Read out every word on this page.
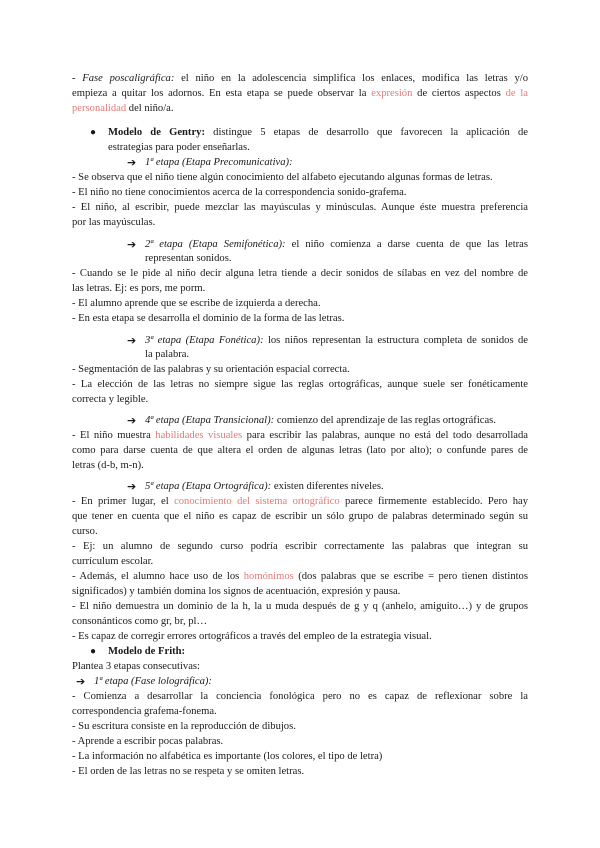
- Fase poscaligráfica: el niño en la adolescencia simplifica los enlaces, modifica las letras y/o
empieza a quitar los adornos. En esta etapa se puede observar la expresión de ciertos aspectos de la
personalidad del niño/a.
● Modelo de Gentry: distingue 5 etapas de desarrollo que favorecen la aplicación de
estrategias para poder enseñarlas.
➔ 1ª etapa (Etapa Precomunicativa):
- Se observa que el niño tiene algún conocimiento del alfabeto ejecutando algunas formas de letras.
- El niño no tiene conocimientos acerca de la correspondencia sonido-grafema.
- El niño, al escribir, puede mezclar las mayúsculas y minúsculas. Aunque éste muestra preferencia
por las mayúsculas.
➔ 2ª etapa (Etapa Semifonética): el niño comienza a darse cuenta de que las letras
representan sonidos.
- Cuando se le pide al niño decir alguna letra tiende a decir sonidos de sílabas en vez del nombre de
las letras. Ej: es pors, me porm.
- El alumno aprende que se escribe de izquierda a derecha.
- En esta etapa se desarrolla el dominio de la forma de las letras.
➔ 3ª etapa (Etapa Fonética): los niños representan la estructura completa de sonidos de
la palabra.
- Segmentación de las palabras y su orientación espacial correcta.
- La elección de las letras no siempre sigue las reglas ortográficas, aunque suele ser fonéticamente
correcta y legible.
➔ 4ª etapa (Etapa Transicional): comienzo del aprendizaje de las reglas ortográficas.
- El niño muestra habilidades visuales para escribir las palabras, aunque no está del todo desarrollada
como para darse cuenta de que altera el orden de algunas letras (lato por alto); o confunde pares de
letras (d-b, m-n).
➔ 5ª etapa (Etapa Ortográfica): existen diferentes niveles.
- En primer lugar, el conocimiento del sistema ortográfico parece firmemente establecido. Pero hay
que tener en cuenta que el niño es capaz de escribir un sólo grupo de palabras determinado según su
curso.
- Ej: un alumno de segundo curso podría escribir correctamente las palabras que integran su
currículum escolar.
- Además, el alumno hace uso de los homónimos (dos palabras que se escribe = pero tienen distintos
significados) y también domina los signos de acentuación, expresión y pausa.
- El niño demuestra un dominio de la h, la u muda después de g y q (anhelo, amiguito…) y de grupos
consonánticos como gr, br, pl…
- Es capaz de corregir errores ortográficos a través del empleo de la estrategia visual.
● Modelo de Frith:
Plantea 3 etapas consecutivas:
➔ 1ª etapa (Fase lolográfica):
- Comienza a desarrollar la conciencia fonológica pero no es capaz de reflexionar sobre la
correspondencia grafema-fonema.
- Su escritura consiste en la reproducción de dibujos.
- Aprende a escribir pocas palabras.
- La información no alfabética es importante (los colores, el tipo de letra)
- El orden de las letras no se respeta y se omiten letras.
